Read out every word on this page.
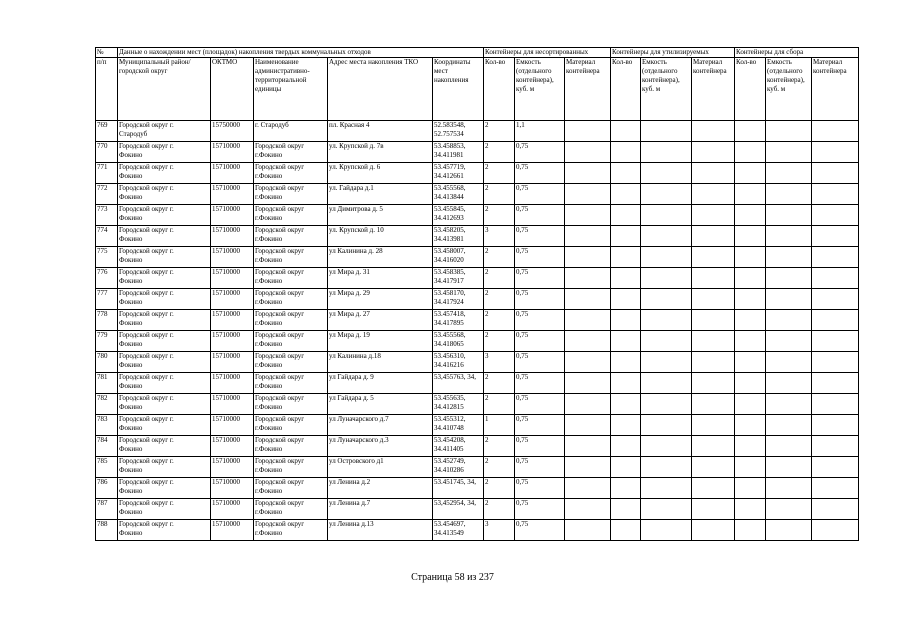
№	Данные о нахождении мест (площадок) накопления твердых коммунальных отходов					Контейнеры для несортированных			Контейнеры для утилизируемых			Контейнеры для сбора		
п/п	Муниципальный район/городской округ	ОКТМО	Наименование административно-территориальной единицы	Адрес места накопления ТКО	Координаты мест накопления	Кол-во	Емкость (отдельного контейнера), куб. м	Материал контейнера	Кол-во	Емкость (отдельного контейнера), куб. м	Материал контейнера	Кол-во	Емкость (отдельного контейнера), куб. м	Материал контейнера

769	Городской округ г.
Стародуб	15750000	г. Стародуб	пл. Красная 4	52.583548,
52.757534	2	1,1							

770	Городской округ г.
Фокино	15710000	Городской округ
г.Фокино	ул. Крупской д. 7в	53.458853,
34.411981	2	0,75							

771	Городской округ г.
Фокино	15710000	Городской округ
г.Фокино	ул. Крупской д. 6	53.457719,
34.412661	2	0,75							

772	Городской округ г.
Фокино	15710000	Городской округ
г.Фокино	ул. Гайдара д.1	53.455568,
34.413844	2	0,75							

773	Городской округ г.
Фокино	15710000	Городской округ
г.Фокино	ул Димитрова д. 5	53.455845,
34.412693	2	0,75							

774	Городской округ г.
Фокино	15710000	Городской округ
г.Фокино	ул. Крупской д. 10	53.458205,
34.413981	3	0,75							

775	Городской округ г.
Фокино	15710000	Городской округ
г.Фокино	ул Калинина д. 28	53.458007,
34.416020	2	0,75							

776	Городской округ г.
Фокино	15710000	Городской округ
г.Фокино	ул Мира д. 31	53.458385,
34.417917	2	0,75							

777	Городской округ г.
Фокино	15710000	Городской округ
г.Фокино	ул Мира д. 29	53.458170,
34.417924	2	0,75							

778	Городской округ г.
Фокино	15710000	Городской округ
г.Фокино	ул Мира д. 27	53.457418,
34.417895	2	0,75							

779	Городской округ г.
Фокино	15710000	Городской округ
г.Фокино	ул Мира д. 19	53.455568,
34.418065	2	0,75							

780	Городской округ г.
Фокино	15710000	Городской округ
г.Фокино	ул Калинина д.18	53.456310,
34.416216	3	0,75							

781	Городской округ г.
Фокино	15710000	Городской округ
г.Фокино	ул Гайдара д. 9	53,455763, 34,	2	0,75							

782	Городской округ г.
Фокино	15710000	Городской округ
г.Фокино	ул Гайдара д. 5	53.455635,
34.412815	2	0,75							

783	Городской округ г.
Фокино	15710000	Городской округ
г.Фокино	ул Луначарского д.7	53.455312,
34.410748	1	0,75							

784	Городской округ г.
Фокино	15710000	Городской округ
г.Фокино	ул Луначарского д.3	53.454208,
34.411405	2	0,75							

785	Городской округ г.
Фокино	15710000	Городской округ
г.Фокино	ул Островского д1	53.452749,
34.410286	2	0,75							

786	Городской округ г.
Фокино	15710000	Городской округ
г.Фокино	ул Ленина д.2	53.451745, 34,	2	0,75							

787	Городской округ г.
Фокино	15710000	Городской округ
г.Фокино	ул Ленина д.7	53,452954, 34,	2	0,75							

788	Городской округ г.
Фокино	15710000	Городской округ
г.Фокино	ул Ленина д.13	53.454697,
34.413549	3	0,75							

Страница 58 из 237
